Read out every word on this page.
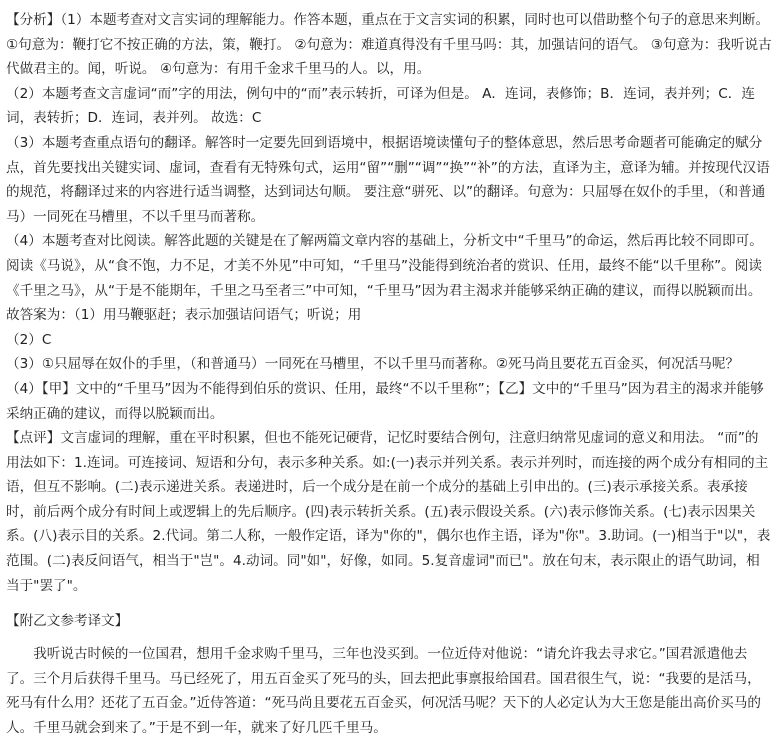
【分析】（1）本题考查对文言实词的理解能力。作答本题，重点在于文言实词的积累，同时也可以借助整个句子的意思来判断。 ①句意为：鞭打它不按正确的方法，策，鞭打。 ②句意为：难道真得没有千里马吗：其，加强诘问的语气。 ③句意为：我听说古代做君主的。闻，听说。 ④句意为：有用千金求千里马的人。以，用。

（2）本题考查文言虚词“而”字的用法，例句中的“而”表示转折，可译为但是。 A．连词，表修饰；B．连词，表并列；C．连词，表转折；D．连词，表并列。 故选：C

（3）本题考查重点语句的翻译。解答时一定要先回到语境中，根据语境读懂句子的整体意思，然后思考命题者可能确定的赋分点，首先要找出关键实词、虚词，查看有无特殊句式，运用“留”“删”“调”“换”“补”的方法，直译为主，意译为辅。并按现代汉语的规范，将翻译过来的内容进行适当调整，达到词达句顺。 要注意“骈死、以”的翻译。句意为：只屈辱在奴仆的手里，（和普通马）一同死在马槽里，不以千里马而著称。

（4）本题考查对比阅读。解答此题的关键是在了解两篇文章内容的基础上，分析文中“千里马”的命运，然后再比较不同即可。阅读《马说》，从“食不饱，力不足，才美不外见”中可知，“千里马”没能得到统治者的赏识、任用，最终不能“以千里称”。阅读《千里之马》，从“于是不能期年，千里之马至者三”中可知，“千里马”因为君主渴求并能够采纳正确的建议，而得以脱颖而出。

故答案为：（1）用马鞭驱赶；表示加强诘问语气；听说；用

（2）C

（3）①只屈辱在奴仆的手里，（和普通马）一同死在马槽里，不以千里马而著称。②死马尚且要花五百金买，何况活马呢？

（4）【甲】文中的“千里马”因为不能得到伯乐的赏识、任用，最终“不以千里称”；【乙】文中的“千里马”因为君主的渴求并能够采纳正确的建议，而得以脱颖而出。

【点评】文言虚词的理解，重在平时积累，但也不能死记硬背，记忆时要结合例句，注意归纳常见虚词的意义和用法。 “而”的用法如下：1.连词。可连接词、短语和分句，表示多种关系。如:(一)表示并列关系。表示并列时，而连接的两个成分有相同的主语，但互不影响。(二)表示递进关系。表递进时，后一个成分是在前一个成分的基础上引申出的。(三)表示承接关系。表承接时，前后两个成分有时间上或逻辑上的先后顺序。(四)表示转折关系。(五)表示假设关系。(六)表示修饰关系。(七)表示因果关系。(八)表示目的关系。2.代词。第二人称，一般作定语，译为"你的"，偶尔也作主语，译为"你"。3.助词。(一)相当于"以"，表范围。(二)表反问语气，相当于"岂"。4.动词。同"如"，好像，如同。5.复音虚词"而已"。放在句末，表示限止的语气助词，相当于"罢了"。

【附乙文参考译文】

我听说古时候的一位国君，想用千金求购千里马，三年也没买到。一位近侍对他说：“请允许我去寻求它。”国君派遣他去了。三个月后获得千里马。马已经死了，用五百金买了死马的头，回去把此事禀报给国君。国君很生气，说：“我要的是活马，死马有什么用？还花了五百金。”近侍答道：“死马尚且要花五百金买，何况活马呢？天下的人必定认为大王您是能出高价买马的人。千里马就会到来了。”于是不到一年，就来了好几匹千里马。
